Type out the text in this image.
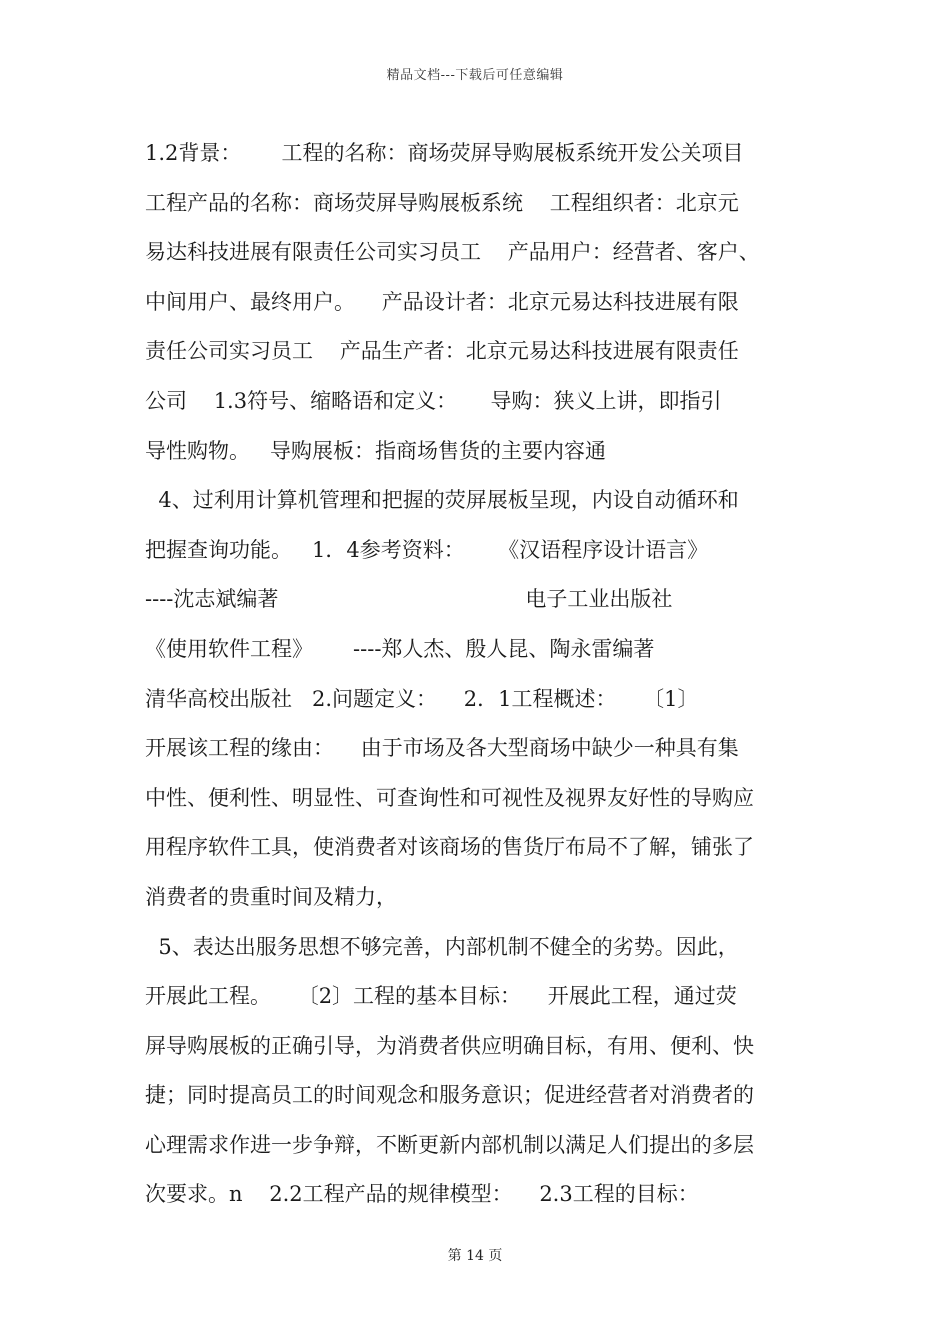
精品文档---下载后可任意编辑
1.2背景：      工程的名称：商场荧屏导购展板系统开发公关项目
工程产品的名称：商场荧屏导购展板系统    工程组织者：北京元
易达科技进展有限责任公司实习员工    产品用户：经营者、客户、
中间用户、最终用户。    产品设计者：北京元易达科技进展有限
责任公司实习员工    产品生产者：北京元易达科技进展有限责任
公司    1.3符号、缩略语和定义：     导购：狭义上讲，即指引
导性购物。   导购展板：指商场售货的主要内容通
4、过利用计算机管理和把握的荧屏展板呈现，内设自动循环和
把握查询功能。   1．4参考资料：     《汉语程序设计语言》
----沈志斌编著                                     电子工业出版社
《使用软件工程》      ----郑人杰、殷人昆、陶永雷编著
清华高校出版社   2.问题定义：    2．1工程概述：    〔1〕
开展该工程的缘由：    由于市场及各大型商场中缺少一种具有集
中性、便利性、明显性、可查询性和可视性及视界友好性的导购应
用程序软件工具，使消费者对该商场的售货厅布局不了解，铺张了
消费者的贵重时间及精力，
5、表达出服务思想不够完善，内部机制不健全的劣势。因此，
开展此工程。    〔2〕工程的基本目标：    开展此工程，通过荧
屏导购展板的正确引导，为消费者供应明确目标，有用、便利、快
捷；同时提高员工的时间观念和服务意识；促进经营者对消费者的
心理需求作进一步争辩，不断更新内部机制以满足人们提出的多层
次要求。n    2.2工程产品的规律模型：    2.3工程的目标：
第 14 页
